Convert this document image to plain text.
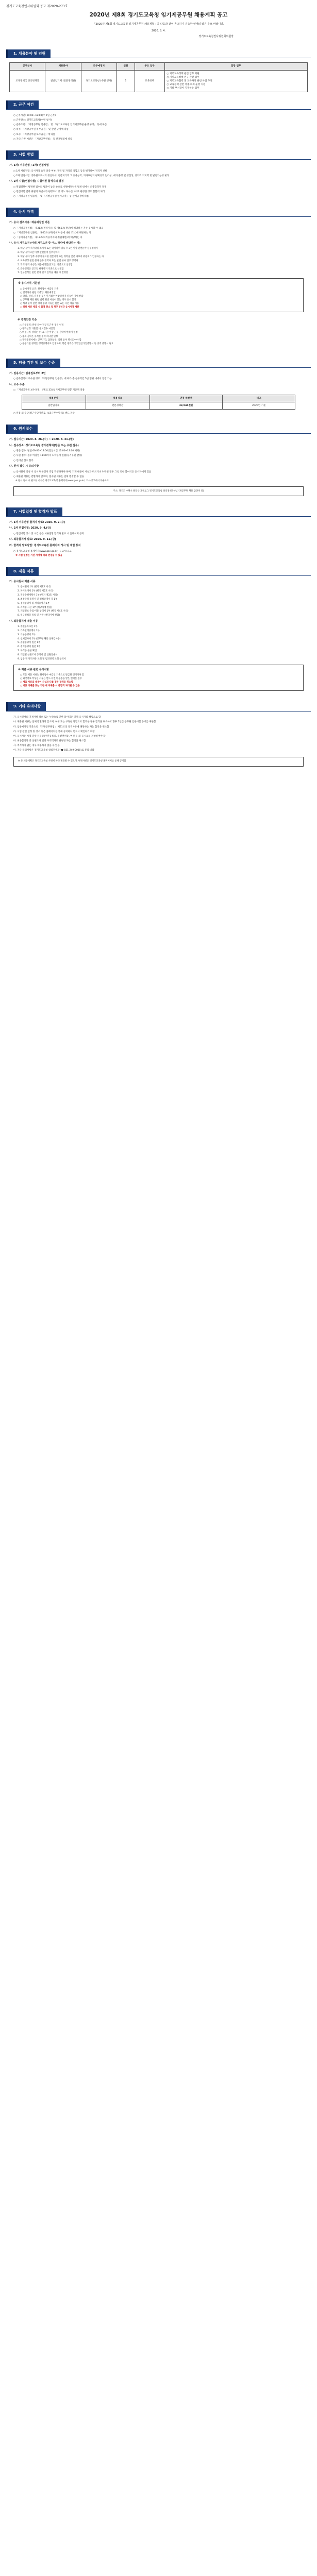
경기도교육청인사위원회 공고 제2020-273호
2020년 제8회 경기도교육청 임기제공무원 채용계획 공고
「2020년 제8회 경기도교육청 임기제공무원 채용계획」을 다음과 같이 공고하니 유능한 인재의 많은 응모 바랍니다.
2020. 8. 4.
경기도교육청인사위원회위원장
1. 채용분야 및 인원
근무부서	채용분야	근무예정지	인원	주요 업무	담당 업무
교육정책국 창의정책과	일반임기제 (전문경력관)	경기도교육청 (수원 청사)	1	교육정책	○ 지역교육정책 관련 업무 지원
○ 지역교육정책 연구 관련 업무
○ 지역교육협력 및 교육자치 관련 사업 추진
○ 교육정책 관련 각종 회의 운영 지원
○ 기타 부서장이 지정하는 업무
2. 근무 여건
○ 근무시간: 09:00~18:00(주 5일 근무)
○ 근무장소: 경기도교육청(수원 청사)
○ 근무조건: 「지방공무원 임용령」 및 「경기도교육청 임기제공무원 운영 규정」 등에 따름
○ 복무: 「지방공무원 복무규정」 및 관련 규정에 따름
○ 보수: 「지방공무원 보수규정」에 따름
○ 기타 근무 여건은 「지방공무원법」 등 관계법령에 따름
3. 시험 방법
가. 1차: 서류전형 / 2차: 면접시험
○ 1차 서류전형: 응시자격 요건 충족 여부, 경력 및 자격증 적합도 등을 평가하여 적격자 선발
○ 2차 면접시험: 공무원으로서의 정신자세, 전문지식과 그 응용능력, 의사표현의 정확성과 논리성, 예의·품행 및 성실성, 창의력·의지력 및 발전가능성 평가
나. 2차 시험(면접시험) 시험위원 합격자의 결정
○ 면접위원이 평정한 점수의 평균이 높은 순으로 선발예정인원 범위 내에서 최종합격자 결정
○ 면접시험 결과 위원의 과반수가 평정요소 중 어느 하나를 '하'로 평정한 경우 불합격 처리
○ 「지방공무원 임용령」 및 「지방공무원 인사규칙」 등 관계규정에 따름
4. 응시 자격
가. 응시 결격사유: 채용예정일 기준
○ 「지방공무원법」 제31조(결격사유) 및 제66조(정년)에 해당하는 자는 응시할 수 없음
○ 「지방공무원 임용령」 제65조(부정행위자 등에 대한 조치)에 해당하는 자
○ 「공직자윤리법」 제17조(퇴직공직자의 취업제한)에 해당하는 자
나. 응시 자격요건 (아래 자격요건 중 어느 하나에 해당하는 자)
1. 해당 분야 석사학위 소지자 또는 학사학위 취득 후 3년 이상 관련분야 실무경력자
2. 해당 분야 4년 이상 관련분야 실무경력자
3. 해당 분야 업무 수행에 필요한 전문지식 또는 경력을 갖춘 자로서 위원회가 인정하는 자
4. 교육행정 관련 분야 근무 경력자 또는 관련 분야 연구 경력자
5. 학력·경력 사항은 채용예정일(공고일) 기준으로 산정함
6. 근무경력은 공고일 현재까지 기준으로 산정함
7. 연구실적은 관련 분야 연구 실적을 제출 시 반영함
※ 응시자격 기준일
○ 응시자격 요건: 원서접수 마감일 기준
○ 결격사유 판단 기준일: 채용예정일
○ 학위, 경력, 자격증 등은 원서접수 마감일까지 취득한 것에 한함
○ 공무원 채용 관련 법령 위반 사실이 있는 경우 응시 불가
○ 해당 분야 관련 경력 증명 서류는 원본 또는 사본 제출 가능
○ 허위 서류 제출 시 합격 취소 및 향후 5년간 응시자격 제한
※ 경력인정 기준
○ 근무경력: 관련 분야 정규직 근무 경력 인정
○ 경력산정 기준일: 원서접수 마감일
○ 비정규직 경력은 주 15시간 이상 근무 경력에 한하여 인정
○ 중복 경력은 유리한 경력 하나만 인정
○ 경력증명서에는 근무기간, 담당업무, 직위 등이 명시되어야 함
○ 공공기관 경력은 경력증명서로 인정하며, 민간 경력은 국민연금가입증명서 등 공적 증명서 필요
5. 임용 기간 및 보수 수준
가. 임용기간: 임용일로부터 2년
○ 근무실적이 우수한 경우 「지방공무원 임용령」에 따라 총 근무기간 5년 범위 내에서 연장 가능
나. 보수 수준
○ 「지방공무원 보수규정」 [별표 33] 임기제공무원 연봉 기준액 적용
채용분야	채용직급	연봉 하한액	비고
일반임기제	전문경력관	33,544천원	2020년 기준
○ 연봉 외 수당(정근수당가산금, 초과근무수당 등) 별도 지급
6. 원서접수
가. 접수기간: 2020. 8. 26.(수) ~ 2020. 8. 31.(월)
나. 접수장소: 경기도교육청 창의정책과(방문 또는 우편 접수)
○ 방문 접수: 평일 09:00~18:00(점심시간 12:00~13:00 제외)
○ 우편 접수: 접수 마감일 18:00까지 도착분에 한함(등기우편 발송)
○ 인터넷 접수 불가
다. 원서 접수 시 유의사항
○ 응시원서 작성 시 응시자 본인이 직접 작성하여야 하며, 기재 내용이 사실과 다르거나 누락된 경우 그로 인한 불이익은 응시자에게 있음
○ 제출된 서류는 반환하지 않으며, 접수된 서류는 일체 변경할 수 없음
※ 원서 접수 시 필요한 서식은 경기도교육청 홈페이지(www.goe.go.kr) 고시·공고에서 다운로드
주소: 경기도 수원시 팔달구 효원로 1 경기도교육청 창의정책과 (임기제공무원 채용 담당자 앞)
7. 시험일정 및 합격자 발표
가. 1차 서류전형 합격자 발표: 2020. 9. 2.(수)
나. 2차 면접시험: 2020. 9. 4.(금)
○ 면접시험 장소 및 시간 등은 서류전형 합격자 발표 시 홈페이지 공지
다. 최종합격자 발표: 2020. 9. 11.(금)
라. 합격자 발표방법: 경기도교육청 홈페이지 게시 및 개별 통지
○ 경기도교육청 홈페이지(www.goe.go.kr) → 고시/공고
※ 시험 일정은 기관 사정에 따라 변경될 수 있음
8. 제출 서류
가. 응시원서 제출 서류
1. 응시원서 1부 (별지 제1호 서식)
2. 자기소개서 1부 (별지 제2호 서식)
3. 직무수행계획서 1부 (별지 제3호 서식)
4. 최종학력 증명서 및 성적증명서 각 1부
5. 경력증명서 및 재직증명서 1부
6. 자격증 사본 1부 (해당자에 한함)
7. 개인정보 수집·이용 동의서 1부 (별지 제4호 서식)
8. 연구실적물 목록 및 사본 (해당자에 한함)
나. 최종합격자 제출 서류
1. 주민등록초본 1부
2. 가족관계증명서 1부
3. 기본증명서 1부
4. 신체검사서 1부 (공무원 채용 신체검사용)
5. 졸업증명서 원본 1부
6. 경력증명서 원본 1부
7. 자격증 원본 확인
8. 개인별 신원조사 동의서 및 신원진술서
9. 임용 전 결격사유 조회 및 범죄경력 조회 동의서
※ 제출 서류 관련 유의사항
○ 모든 제출 서류는 원서접수 마감일 기준으로 발급된 것이어야 함
○ 외국어로 작성된 서류는 반드시 번역 공증을 받은 번역본 첨부
○ 제출 서류의 내용이 사실과 다를 경우 합격을 취소함
○ 서류 미제출 또는 기한 내 미제출 시 불합격 처리될 수 있음
9. 기타 유의사항
가. 응시원서의 기재사항 착오 또는 누락으로 인한 불이익은 일체 응시자의 책임으로 함
나. 제출된 서류는 일체 반환하지 않으며, 허위 또는 부정한 방법으로 합격한 경우 합격을 취소하고 향후 5년간 공무원 임용시험 응시를 제한함
다. 임용예정일 기준으로 「지방공무원법」 제31조의 결격사유에 해당하는 자는 합격을 취소함
라. 시험 관련 일정 및 장소 등은 홈페이지를 통해 공지하니 반드시 확인하기 바람
마. 응시자는 시험 당일 신분증(주민등록증, 운전면허증, 여권 등)과 응시표를 지참하여야 함
바. 최종합격자 중 신원조사 결과 부적격자로 판정된 자는 합격을 취소함
사. 적격자가 없는 경우 채용하지 않을 수 있음
아. 기타 문의사항은 경기도교육청 창의정책과(☎ 031-249-0000)로 문의 바람
※ 본 채용계획은 경기도교육청 사정에 따라 변경될 수 있으며, 변경사항은 경기도교육청 홈페이지를 통해 공지함
